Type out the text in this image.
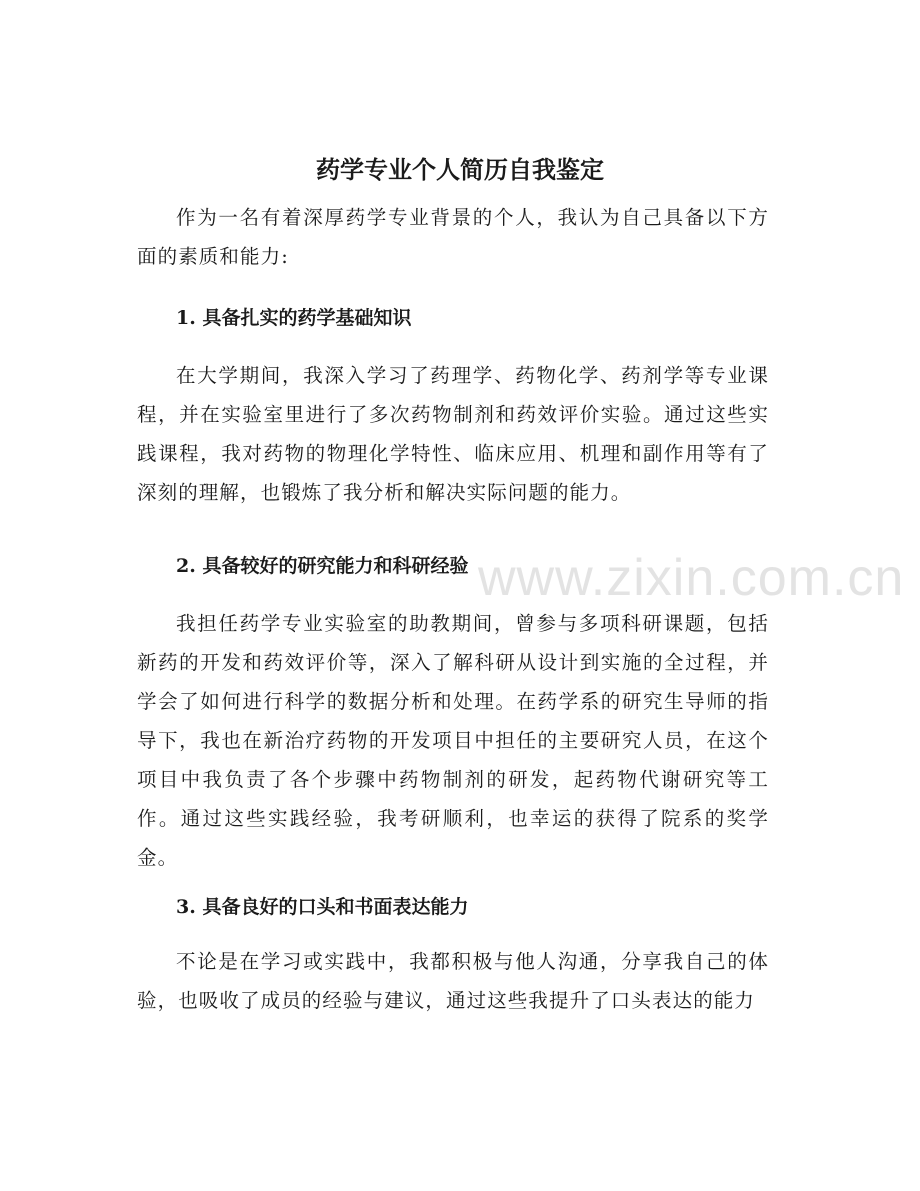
www.zixin.com.cn
药学专业个人简历自我鉴定
作为一名有着深厚药学专业背景的个人，我认为自己具备以下方面的素质和能力:
1. 具备扎实的药学基础知识
在大学期间，我深入学习了药理学、药物化学、药剂学等专业课程，并在实验室里进行了多次药物制剂和药效评价实验。通过这些实践课程，我对药物的物理化学特性、临床应用、机理和副作用等有了深刻的理解，也锻炼了我分析和解决实际问题的能力。
2. 具备较好的研究能力和科研经验
我担任药学专业实验室的助教期间，曾参与多项科研课题，包括新药的开发和药效评价等，深入了解科研从设计到实施的全过程，并学会了如何进行科学的数据分析和处理。在药学系的研究生导师的指导下，我也在新治疗药物的开发项目中担任的主要研究人员，在这个项目中我负责了各个步骤中药物制剂的研发，起药物代谢研究等工作。通过这些实践经验，我考研顺利，也幸运的获得了院系的奖学金。
3. 具备良好的口头和书面表达能力
不论是在学习或实践中，我都积极与他人沟通，分享我自己的体验，也吸收了成员的经验与建议，通过这些我提升了口头表达的能力
